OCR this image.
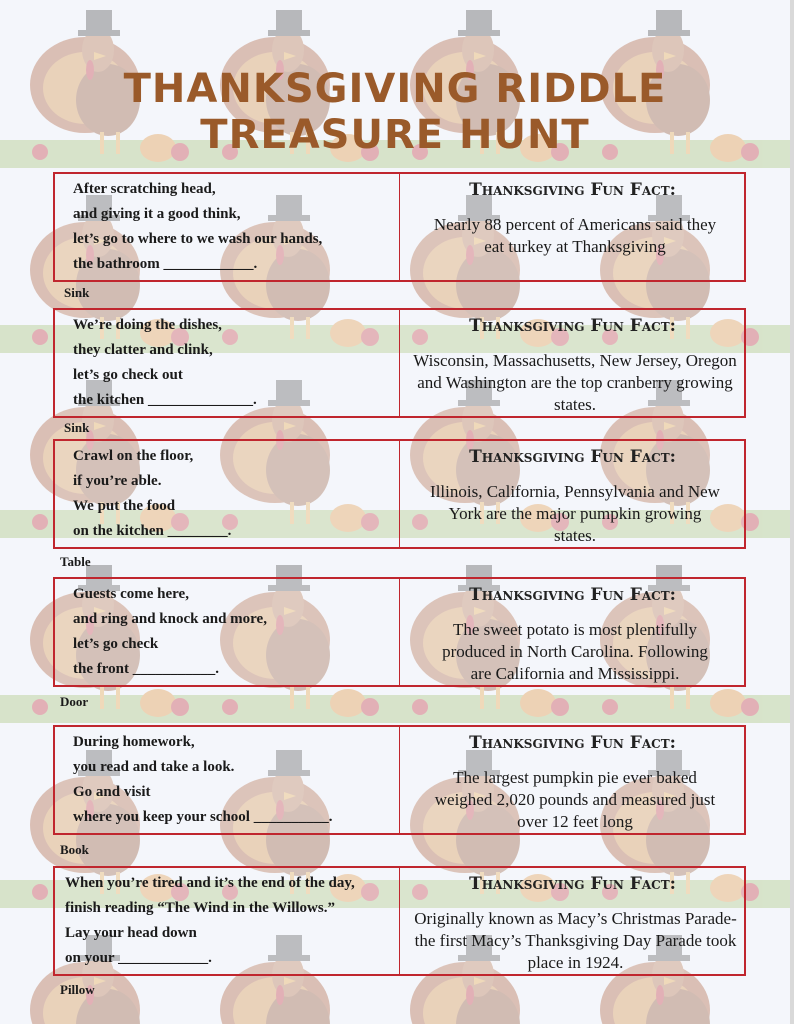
THANKSGIVING RIDDLE
TREASURE HUNT
After scratching head,
and giving it a good think,
let’s go to where to we wash our hands,
the bathroom ____________.
Thanksgiving Fun Fact:
Nearly 88 percent of Americans said they eat turkey at Thanksgiving
Sink
We’re doing the dishes,
they clatter and clink,
let’s go check out
the kitchen ______________.
Thanksgiving Fun Fact:
Wisconsin, Massachusetts, New Jersey, Oregon and Washington are the top cranberry growing states.
Sink
Crawl on the floor,
if you’re able.
We put the food
on the kitchen ________.
Thanksgiving Fun Fact:
Illinois, California, Pennsylvania and New York are the major pumpkin growing states.
Table
Guests come here,
and ring and knock and more,
let’s go check
the front ___________.
Thanksgiving Fun Fact:
The sweet potato is most plentifully produced in North Carolina. Following are California and Mississippi.
Door
During homework,
you read and take a look.
Go and visit
where you keep your school __________.
Thanksgiving Fun Fact:
The largest pumpkin pie ever baked weighed 2,020 pounds and measured just over 12 feet long
Book
When you’re tired and it’s the end of the day,
finish reading “The Wind in the Willows.”
Lay your head down
on your ____________.
Thanksgiving Fun Fact:
Originally known as Macy’s Christmas Parade- the first Macy’s Thanksgiving Day Parade took place in 1924.
Pillow
